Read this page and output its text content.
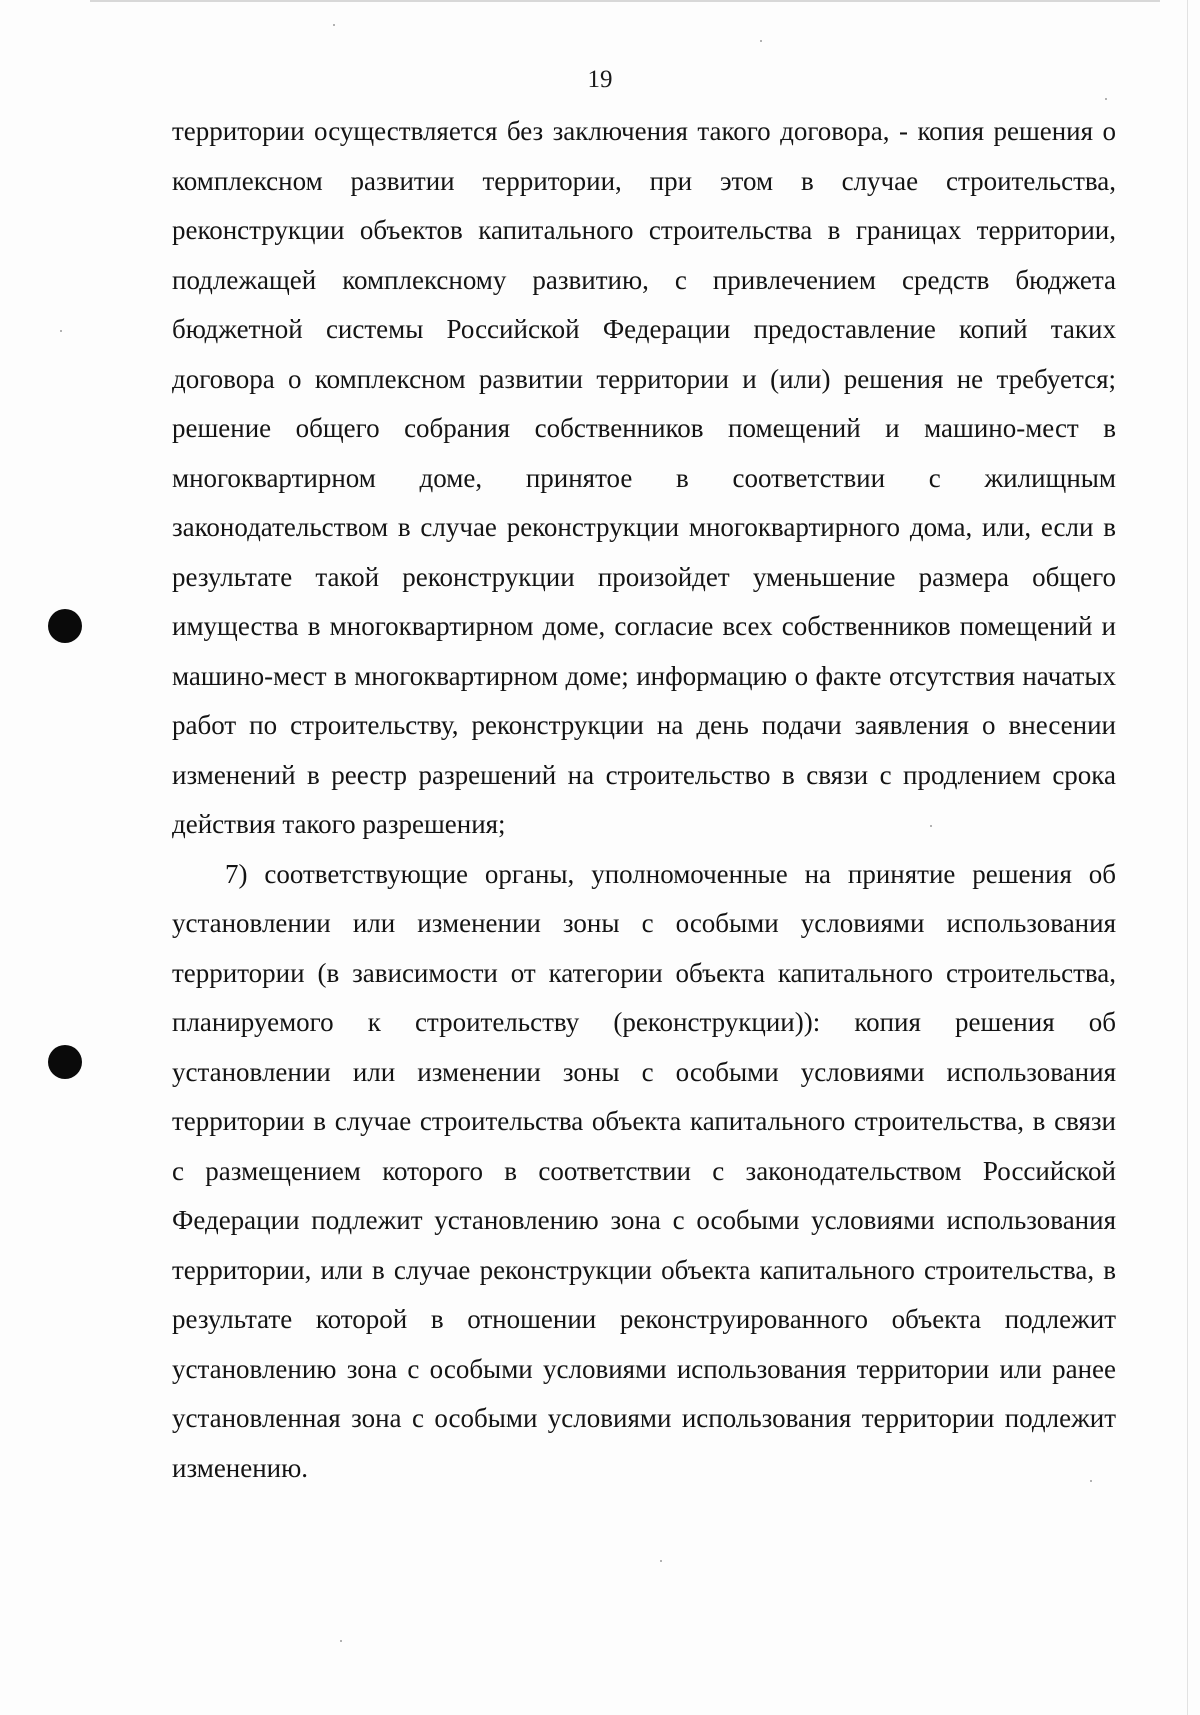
19

территории осуществляется без заключения такого договора, - копия решения о комплексном развитии территории, при этом в случае строительства, реконструкции объектов капитального строительства в границах территории, подлежащей комплексному развитию, с привлечением средств бюджета бюджетной системы Российской Федерации предоставление копий таких договора о комплексном развитии территории и (или) решения не требуется; решение общего собрания собственников помещений и машино-мест в многоквартирном доме, принятое в соответствии с жилищным законодательством в случае реконструкции многоквартирного дома, или, если в результате такой реконструкции произойдет уменьшение размера общего имущества в многоквартирном доме, согласие всех собственников помещений и машино-мест в многоквартирном доме; информацию о факте отсутствия начатых работ по строительству, реконструкции на день подачи заявления о внесении изменений в реестр разрешений на строительство в связи с продлением срока действия такого разрешения;

7) соответствующие органы, уполномоченные на принятие решения об установлении или изменении зоны с особыми условиями использования территории (в зависимости от категории объекта капитального строительства, планируемого к строительству (реконструкции)): копия решения об установлении или изменении зоны с особыми условиями использования территории в случае строительства объекта капитального строительства, в связи с размещением которого в соответствии с законодательством Российской Федерации подлежит установлению зона с особыми условиями использования территории, или в случае реконструкции объекта капитального строительства, в результате которой в отношении реконструированного объекта подлежит установлению зона с особыми условиями использования территории или ранее установленная зона с особыми условиями использования территории подлежит изменению.
